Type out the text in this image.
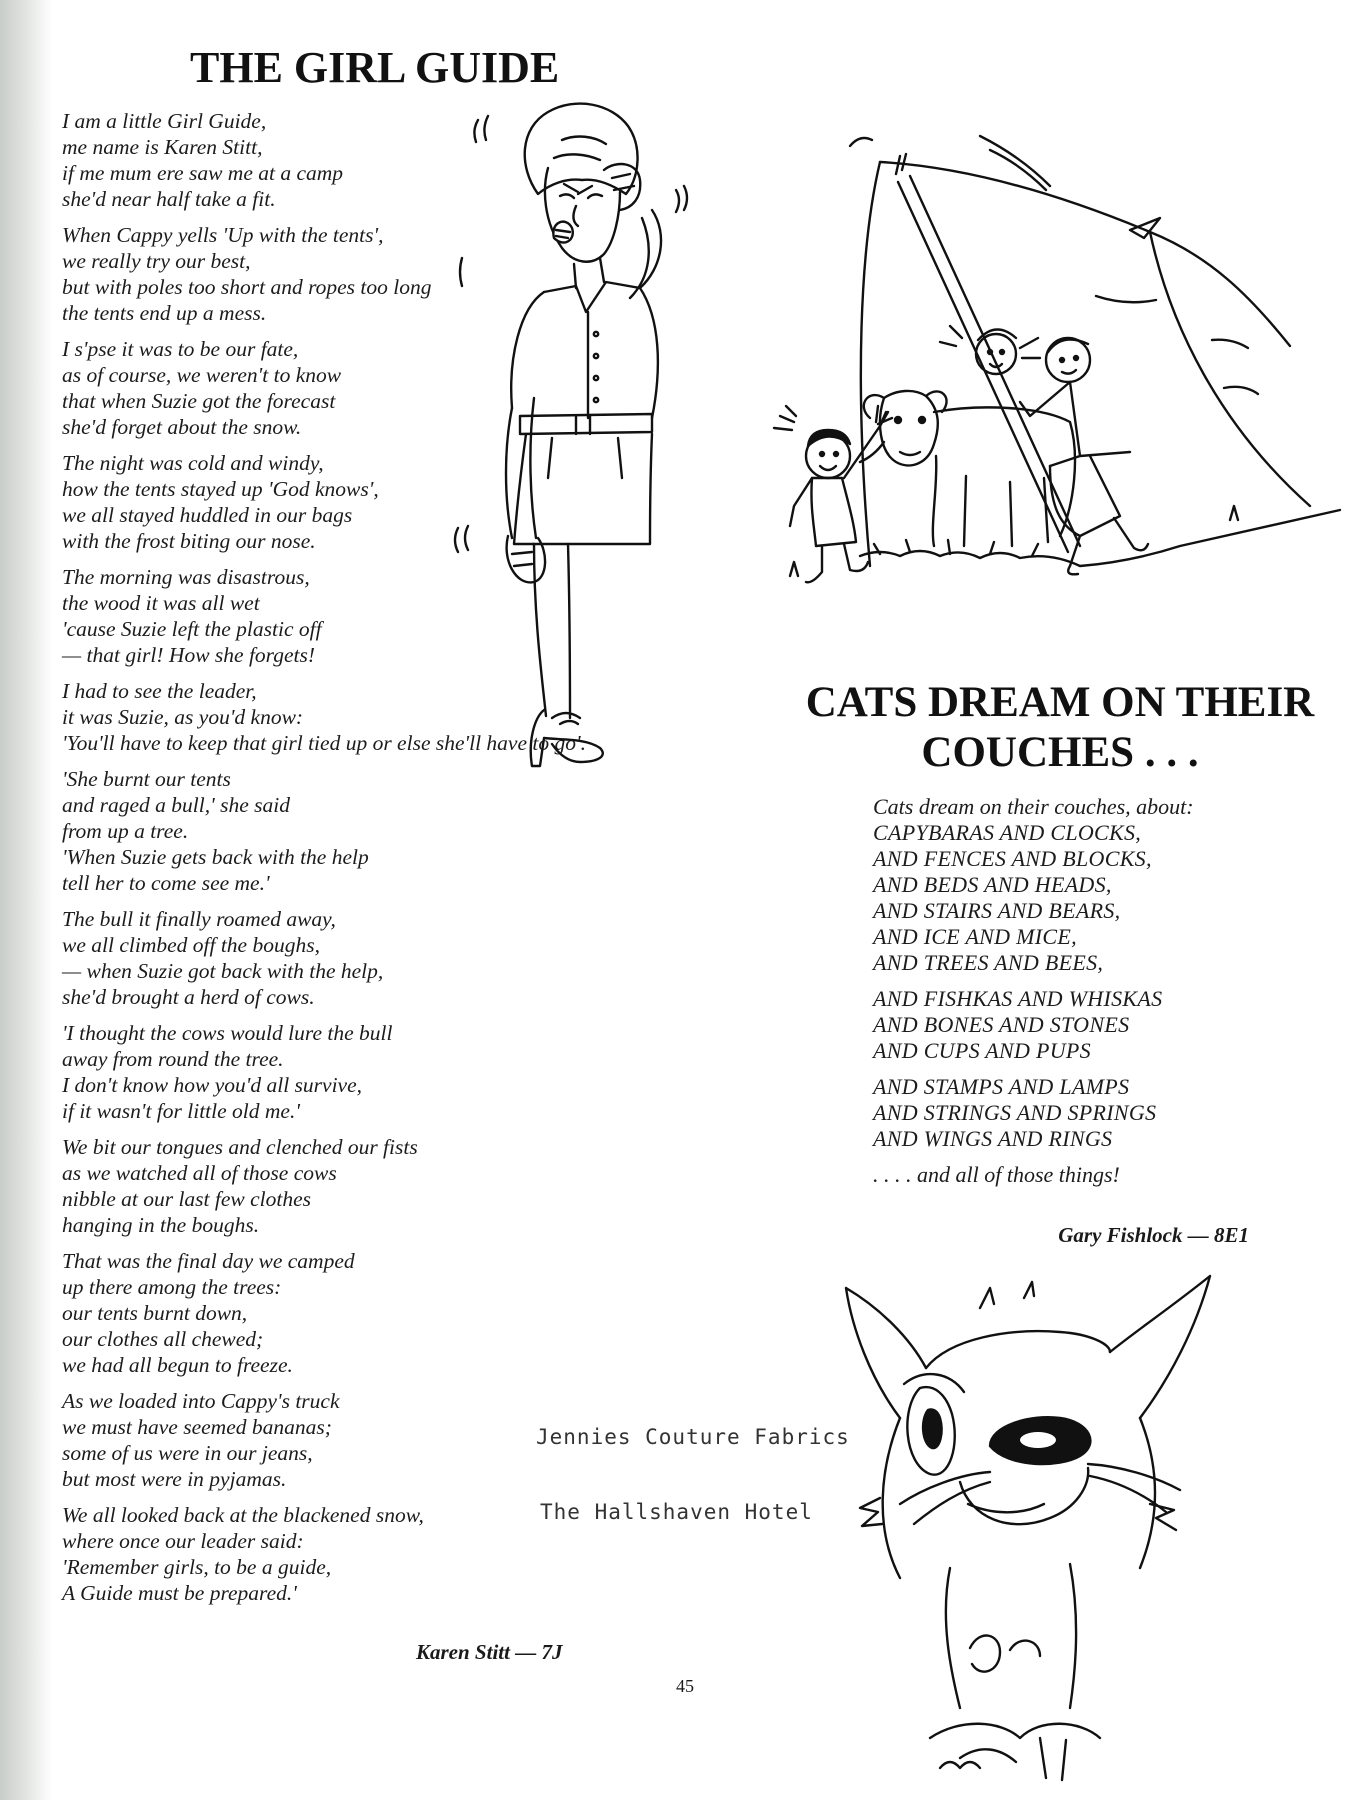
THE GIRL GUIDE
I am a little Girl Guide,
me name is Karen Stitt,
if me mum ere saw me at a camp
she'd near half take a fit.
When Cappy yells 'Up with the tents',
we really try our best,
but with poles too short and ropes too long
the tents end up a mess.
I s'pse it was to be our fate,
as of course, we weren't to know
that when Suzie got the forecast
she'd forget about the snow.
The night was cold and windy,
how the tents stayed up 'God knows',
we all stayed huddled in our bags
with the frost biting our nose.
The morning was disastrous,
the wood it was all wet
'cause Suzie left the plastic off
— that girl! How she forgets!
I had to see the leader,
it was Suzie, as you'd know:
'You'll have to keep that girl tied up or else she'll have to go'.
'She burnt our tents
and raged a bull,' she said
from up a tree.
'When Suzie gets back with the help
tell her to come see me.'
The bull it finally roamed away,
we all climbed off the boughs,
— when Suzie got back with the help,
she'd brought a herd of cows.
'I thought the cows would lure the bull
away from round the tree.
I don't know how you'd all survive,
if it wasn't for little old me.'
We bit our tongues and clenched our fists
as we watched all of those cows
nibble at our last few clothes
hanging in the boughs.
That was the final day we camped
up there among the trees:
our tents burnt down,
our clothes all chewed;
we had all begun to freeze.
As we loaded into Cappy's truck
we must have seemed bananas;
some of us were in our jeans,
but most were in pyjamas.
We all looked back at the blackened snow,
where once our leader said:
'Remember girls, to be a guide,
A Guide must be prepared.'
Karen Stitt — 7J
CATS DREAM ON THEIR COUCHES . . .
Cats dream on their couches, about:
CAPYBARAS AND CLOCKS,
AND FENCES AND BLOCKS,
AND BEDS AND HEADS,
AND STAIRS AND BEARS,
AND ICE AND MICE,
AND TREES AND BEES,
AND FISHKAS AND WHISKAS
AND BONES AND STONES
AND CUPS AND PUPS
AND STAMPS AND LAMPS
AND STRINGS AND SPRINGS
AND WINGS AND RINGS
. . . . and all of those things!
Gary Fishlock — 8E1
Jennies Couture Fabrics
The Hallshaven Hotel
45
